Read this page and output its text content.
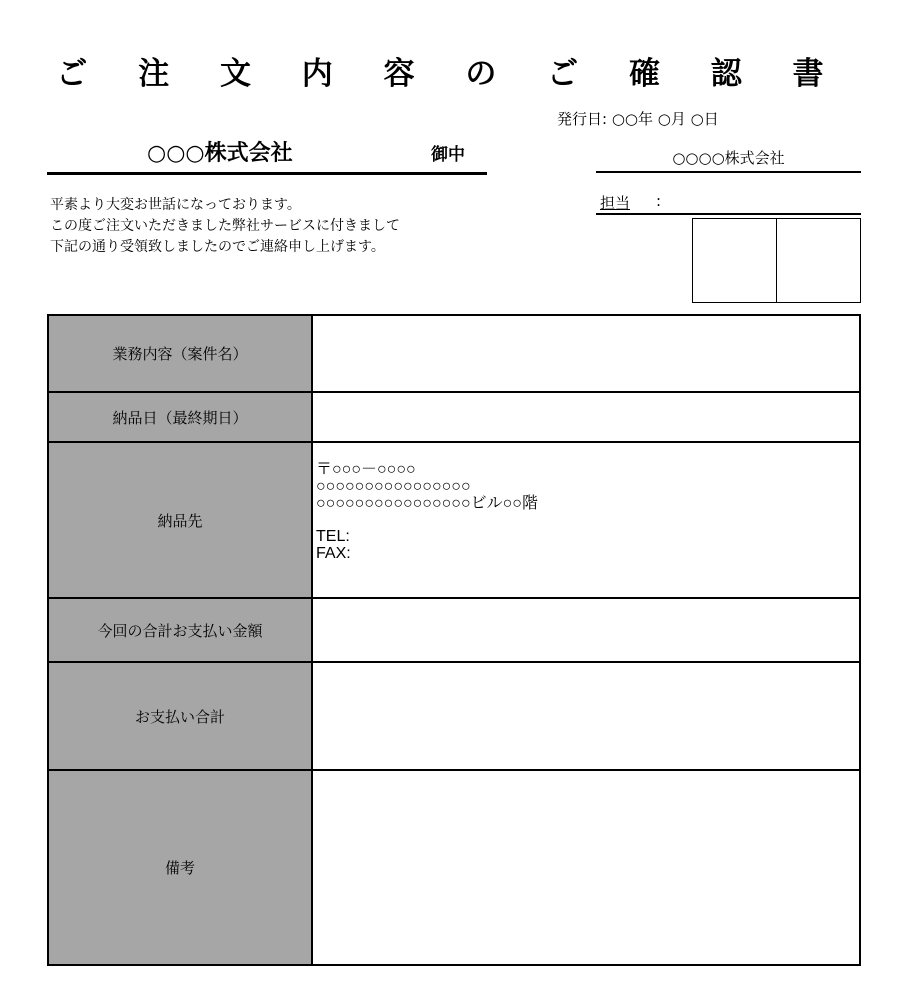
ご 注 文 内 容 の ご 確 認 書
発行日: ○○年 ○月 ○日
○○○株式会社	御中	○○○○株式会社
平素より大変お世話になっております。
この度ご注文いただきました弊社サービスに付きまして
下記の通り受領致しましたのでご連絡申し上げます。
担当 :
業務内容（案件名）	
納品日（最終期日）	
納品先	〒○○○－○○○○
○○○○○○○○○○○○○○○○
○○○○○○○○○○○○○○○○ビル○○階
TEL:
FAX:

今回の合計お支払い金額	
お支払い合計	
備考	
